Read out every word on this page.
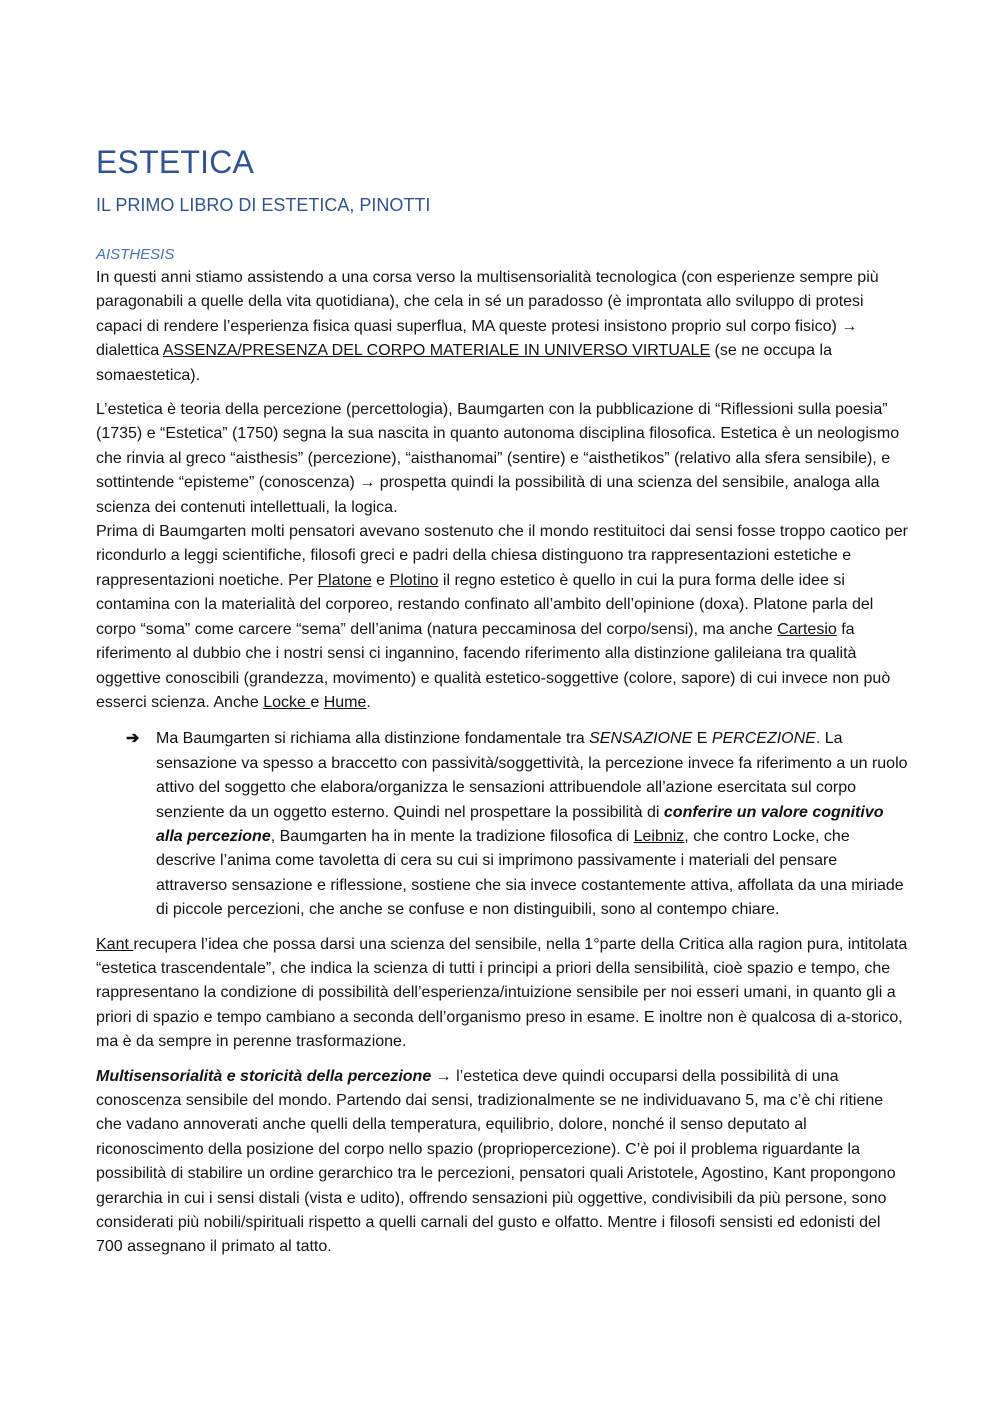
ESTETICA
IL PRIMO LIBRO DI ESTETICA, PINOTTI
AISTHESIS

In questi anni stiamo assistendo a una corsa verso la multisensorialità tecnologica (con esperienze sempre più paragonabili a quelle della vita quotidiana), che cela in sé un paradosso (è improntata allo sviluppo di protesi capaci di rendere l’esperienza fisica quasi superflua, MA queste protesi insistono proprio sul corpo fisico) → dialettica ASSENZA/PRESENZA DEL CORPO MATERIALE IN UNIVERSO VIRTUALE (se ne occupa la somaestetica).

L’estetica è teoria della percezione (percettologia), Baumgarten con la pubblicazione di “Riflessioni sulla poesia” (1735) e “Estetica” (1750) segna la sua nascita in quanto autonoma disciplina filosofica. Estetica è un neologismo che rinvia al greco “aisthesis” (percezione), “aisthanomai” (sentire) e “aisthetikos” (relativo alla sfera sensibile), e sottintende “episteme” (conoscenza) → prospetta quindi la possibilità di una scienza del sensibile, analoga alla scienza dei contenuti intellettuali, la logica.

Prima di Baumgarten molti pensatori avevano sostenuto che il mondo restituitoci dai sensi fosse troppo caotico per ricondurlo a leggi scientifiche, filosofi greci e padri della chiesa distinguono tra rappresentazioni estetiche e rappresentazioni noetiche. Per Platone e Plotino il regno estetico è quello in cui la pura forma delle idee si contamina con la materialità del corporeo, restando confinato all’ambito dell’opinione (doxa). Platone parla del corpo “soma” come carcere “sema” dell’anima (natura peccaminosa del corpo/sensi), ma anche Cartesio fa riferimento al dubbio che i nostri sensi ci ingannino, facendo riferimento alla distinzione galileiana tra qualità oggettive conoscibili (grandezza, movimento) e qualità estetico-soggettive (colore, sapore) di cui invece non può esserci scienza. Anche Locke e Hume.

➔ Ma Baumgarten si richiama alla distinzione fondamentale tra SENSAZIONE E PERCEZIONE. La sensazione va spesso a braccetto con passività/soggettività, la percezione invece fa riferimento a un ruolo attivo del soggetto che elabora/organizza le sensazioni attribuendole all’azione esercitata sul corpo senziente da un oggetto esterno. Quindi nel prospettare la possibilità di conferire un valore cognitivo alla percezione, Baumgarten ha in mente la tradizione filosofica di Leibniz, che contro Locke, che descrive l’anima come tavoletta di cera su cui si imprimono passivamente i materiali del pensare attraverso sensazione e riflessione, sostiene che sia invece costantemente attiva, affollata da una miriade di piccole percezioni, che anche se confuse e non distinguibili, sono al contempo chiare.

Kant recupera l’idea che possa darsi una scienza del sensibile, nella 1°parte della Critica alla ragion pura, intitolata “estetica trascendentale”, che indica la scienza di tutti i principi a priori della sensibilità, cioè spazio e tempo, che rappresentano la condizione di possibilità dell’esperienza/intuizione sensibile per noi esseri umani, in quanto gli a priori di spazio e tempo cambiano a seconda dell’organismo preso in esame. E inoltre non è qualcosa di a-storico, ma è da sempre in perenne trasformazione.

Multisensorialità e storicità della percezione → l’estetica deve quindi occuparsi della possibilità di una conoscenza sensibile del mondo. Partendo dai sensi, tradizionalmente se ne individuavano 5, ma c’è chi ritiene che vadano annoverati anche quelli della temperatura, equilibrio, dolore, nonché il senso deputato al riconoscimento della posizione del corpo nello spazio (propriopercezione). C’è poi il problema riguardante la possibilità di stabilire un ordine gerarchico tra le percezioni, pensatori quali Aristotele, Agostino, Kant propongono gerarchia in cui i sensi distali (vista e udito), offrendo sensazioni più oggettive, condivisibili da più persone, sono considerati più nobili/spirituali rispetto a quelli carnali del gusto e olfatto. Mentre i filosofi sensisti ed edonisti del 700 assegnano il primato al tatto.
